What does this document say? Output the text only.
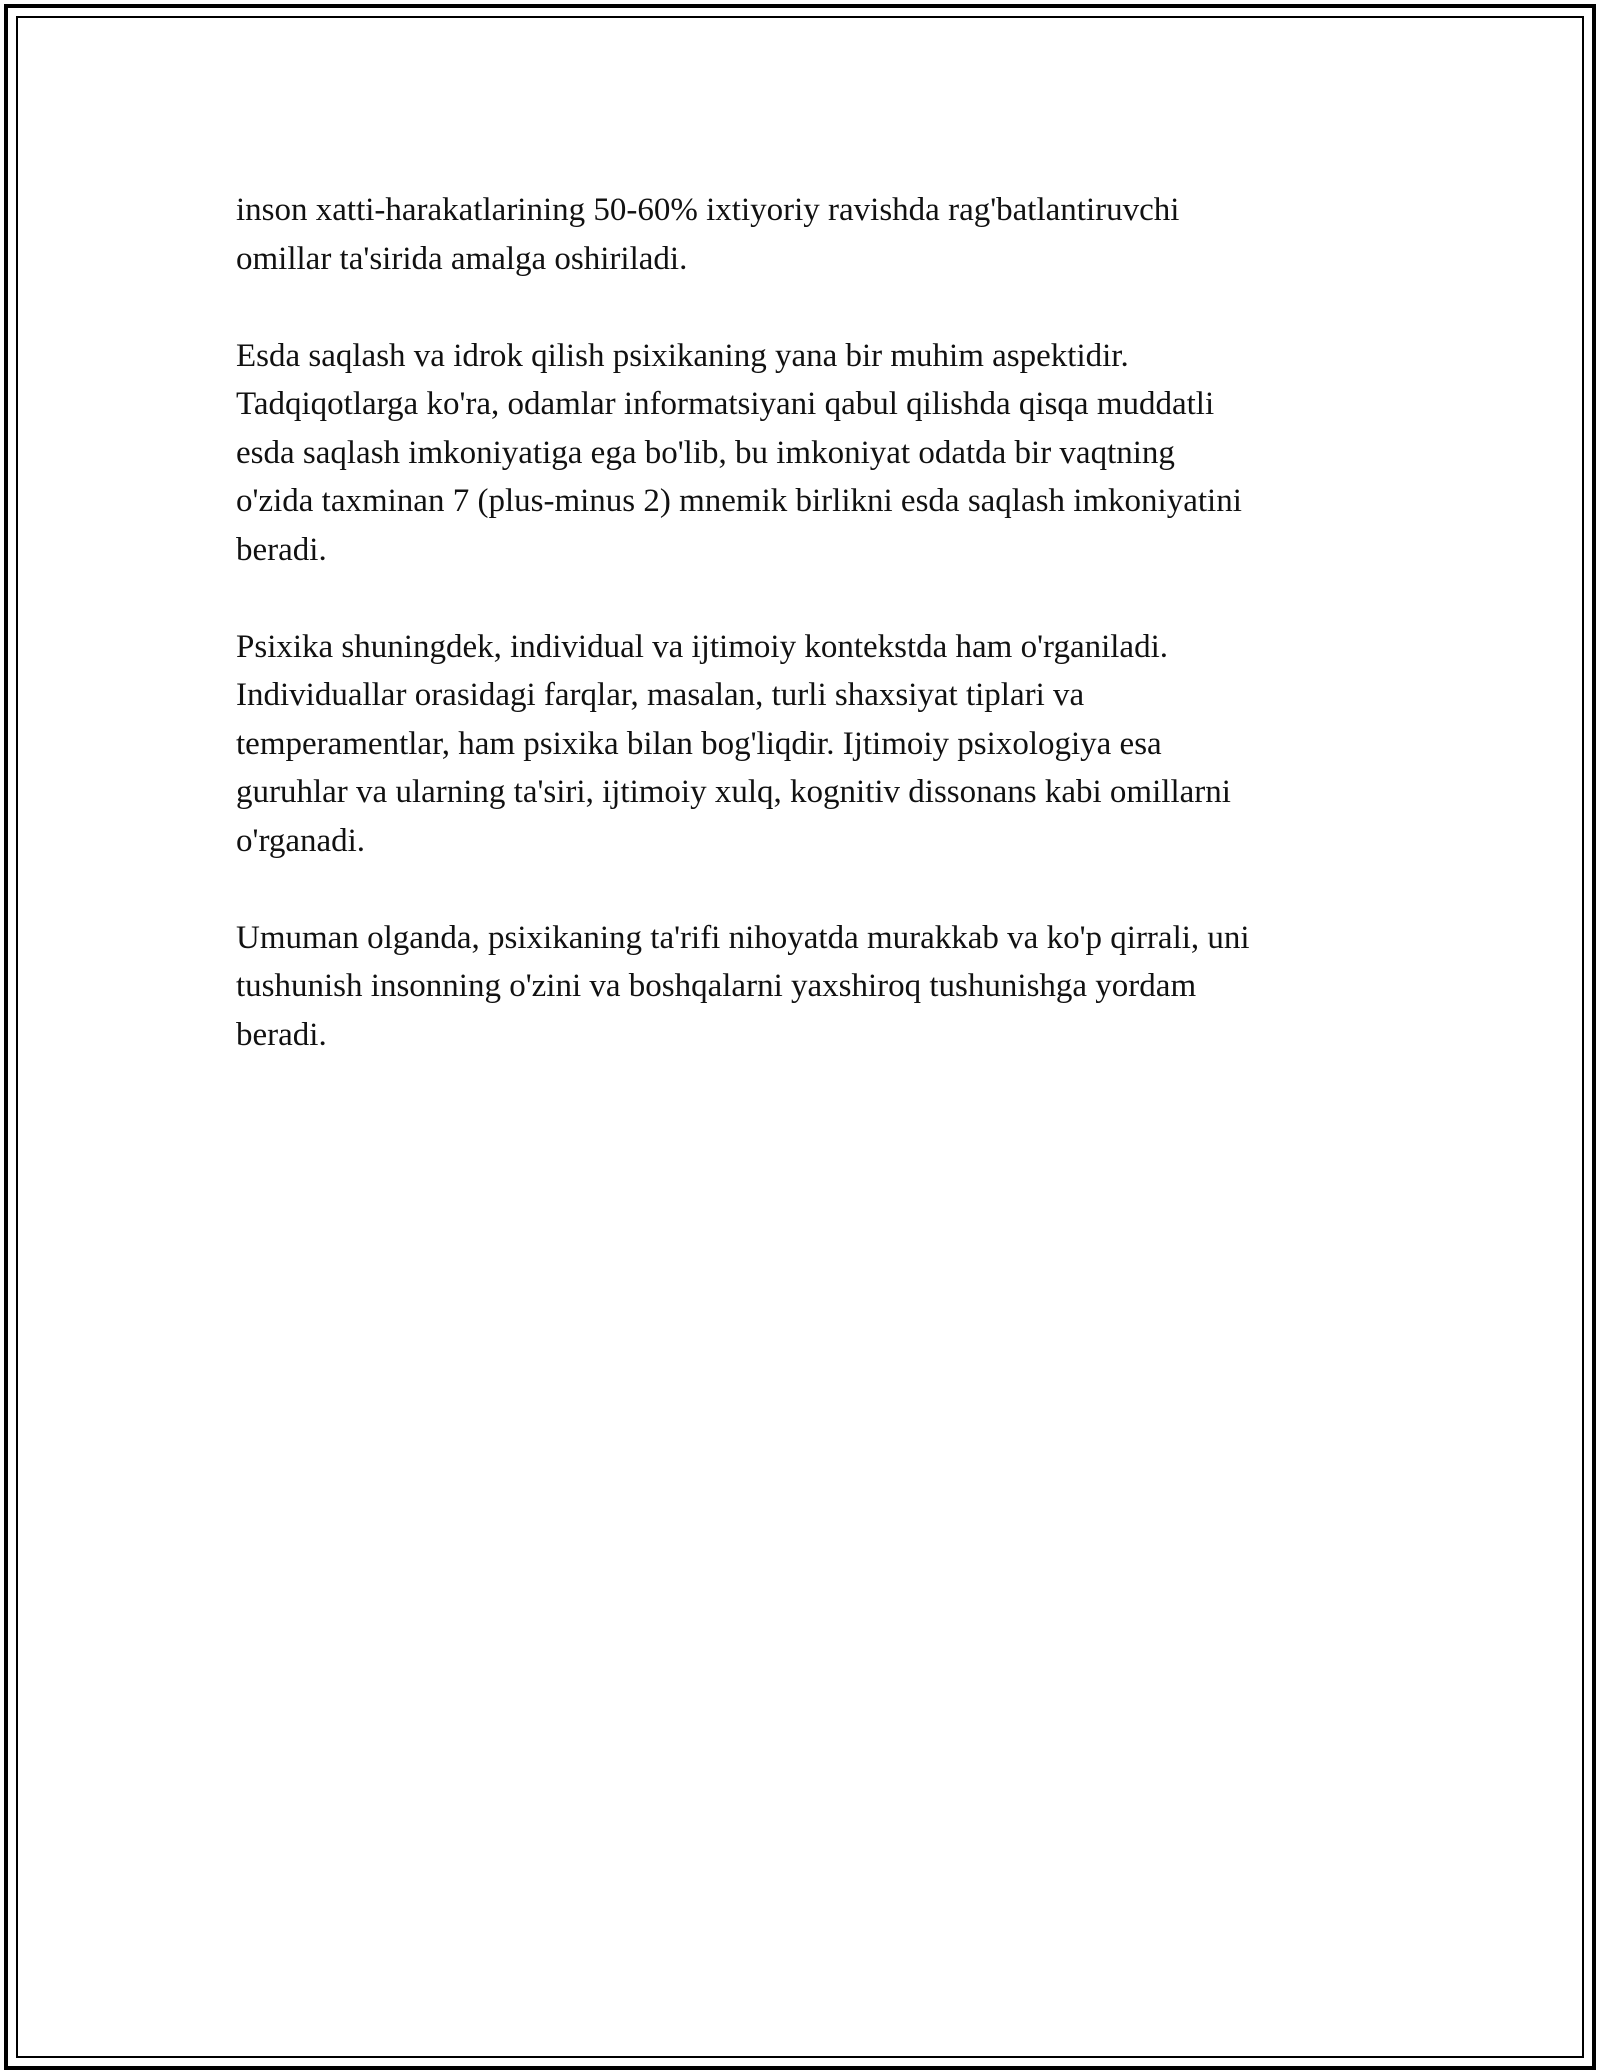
inson xatti-harakatlarining 50-60% ixtiyoriy ravishda rag'batlantiruvchi
omillar ta'sirida amalga oshiriladi.

Esda saqlash va idrok qilish psixikaning yana bir muhim aspektidir.
Tadqiqotlarga ko'ra, odamlar informatsiyani qabul qilishda qisqa muddatli
esda saqlash imkoniyatiga ega bo'lib, bu imkoniyat odatda bir vaqtning
o'zida taxminan 7 (plus-minus 2) mnemik birlikni esda saqlash imkoniyatini
beradi.

Psixika shuningdek, individual va ijtimoiy kontekstda ham o'rganiladi.
Individuallar orasidagi farqlar, masalan, turli shaxsiyat tiplari va
temperamentlar, ham psixika bilan bog'liqdir. Ijtimoiy psixologiya esa
guruhlar va ularning ta'siri, ijtimoiy xulq, kognitiv dissonans kabi omillarni
o'rganadi.

Umuman olganda, psixikaning ta'rifi nihoyatda murakkab va ko'p qirrali, uni
tushunish insonning o'zini va boshqalarni yaxshiroq tushunishga yordam
beradi.
